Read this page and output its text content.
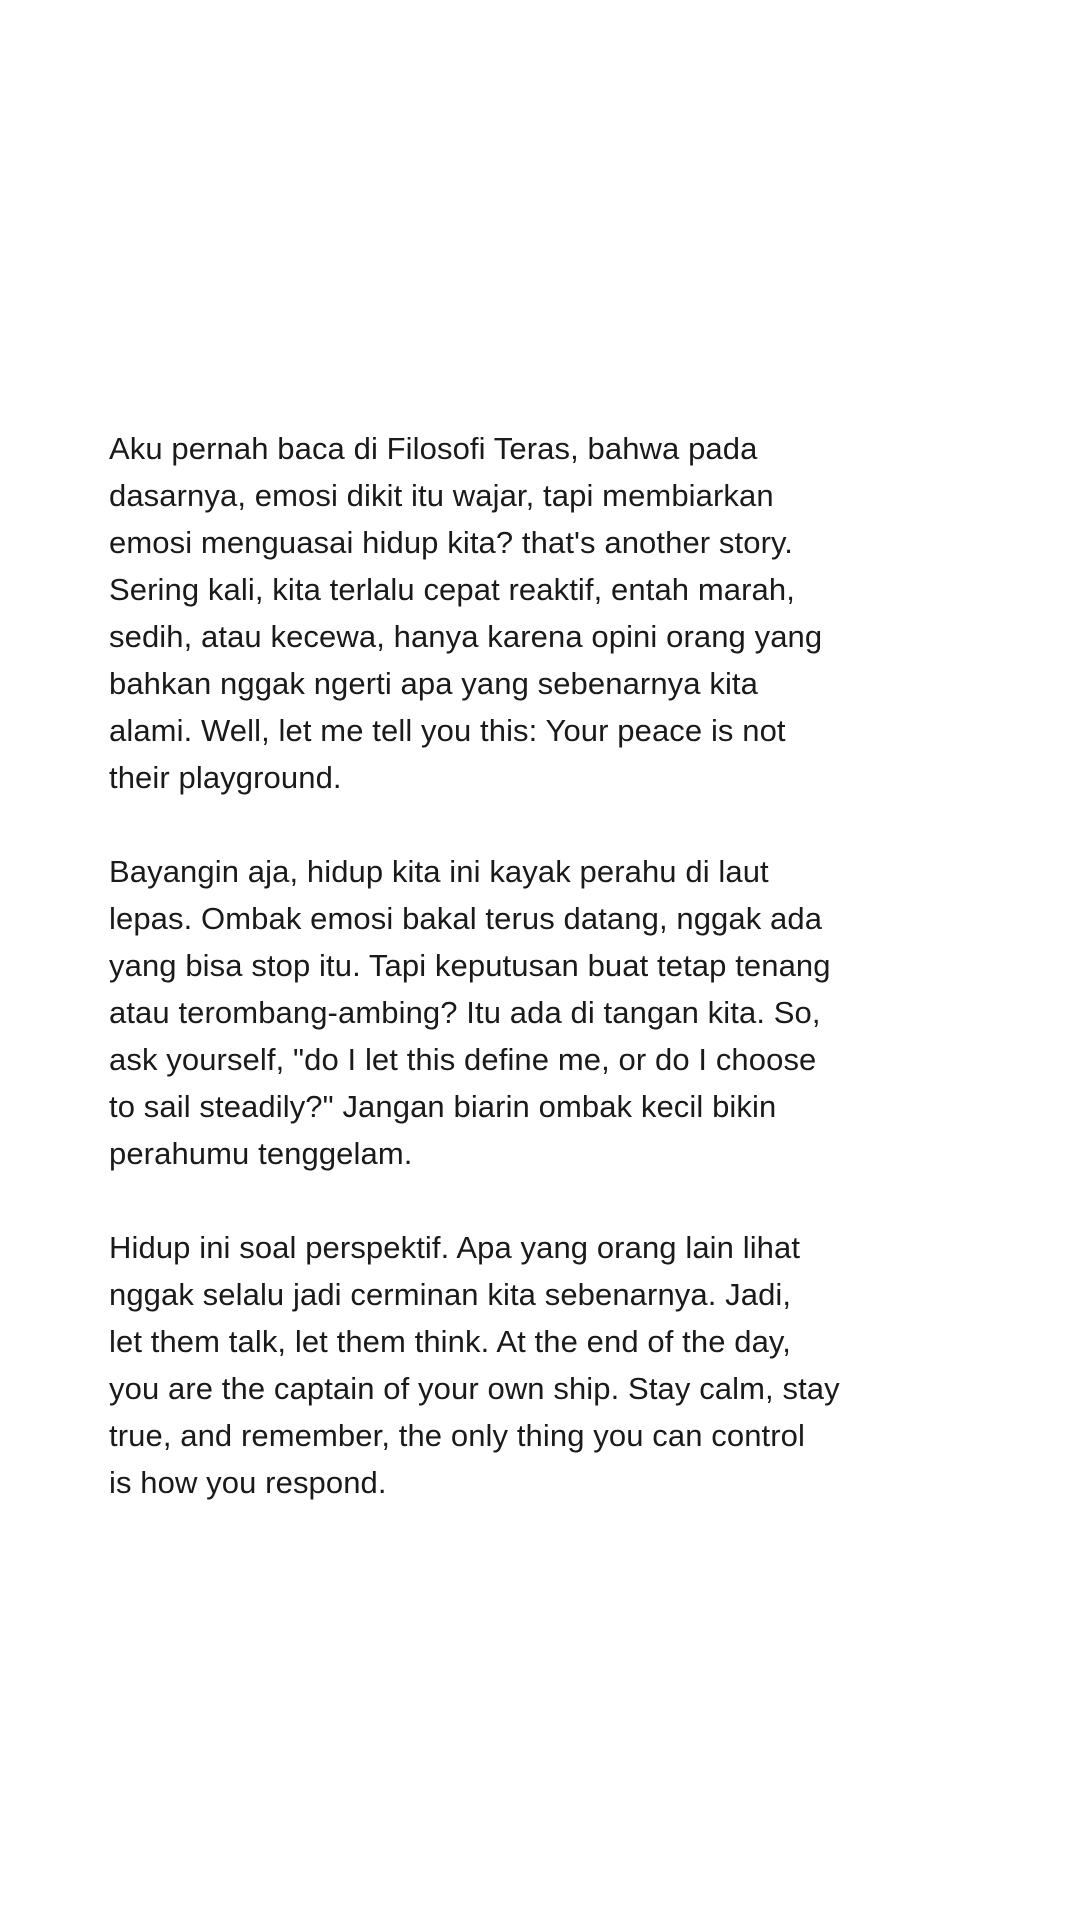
Aku pernah baca di Filosofi Teras, bahwa pada
dasarnya, emosi dikit itu wajar, tapi membiarkan
emosi menguasai hidup kita? that's another story.
Sering kali, kita terlalu cepat reaktif, entah marah,
sedih, atau kecewa, hanya karena opini orang yang
bahkan nggak ngerti apa yang sebenarnya kita
alami. Well, let me tell you this: Your peace is not
their playground.

Bayangin aja, hidup kita ini kayak perahu di laut
lepas. Ombak emosi bakal terus datang, nggak ada
yang bisa stop itu. Tapi keputusan buat tetap tenang
atau terombang-ambing? Itu ada di tangan kita. So,
ask yourself, "do I let this define me, or do I choose
to sail steadily?" Jangan biarin ombak kecil bikin
perahumu tenggelam.

Hidup ini soal perspektif. Apa yang orang lain lihat
nggak selalu jadi cerminan kita sebenarnya. Jadi,
let them talk, let them think. At the end of the day,
you are the captain of your own ship. Stay calm, stay
true, and remember, the only thing you can control
is how you respond.
